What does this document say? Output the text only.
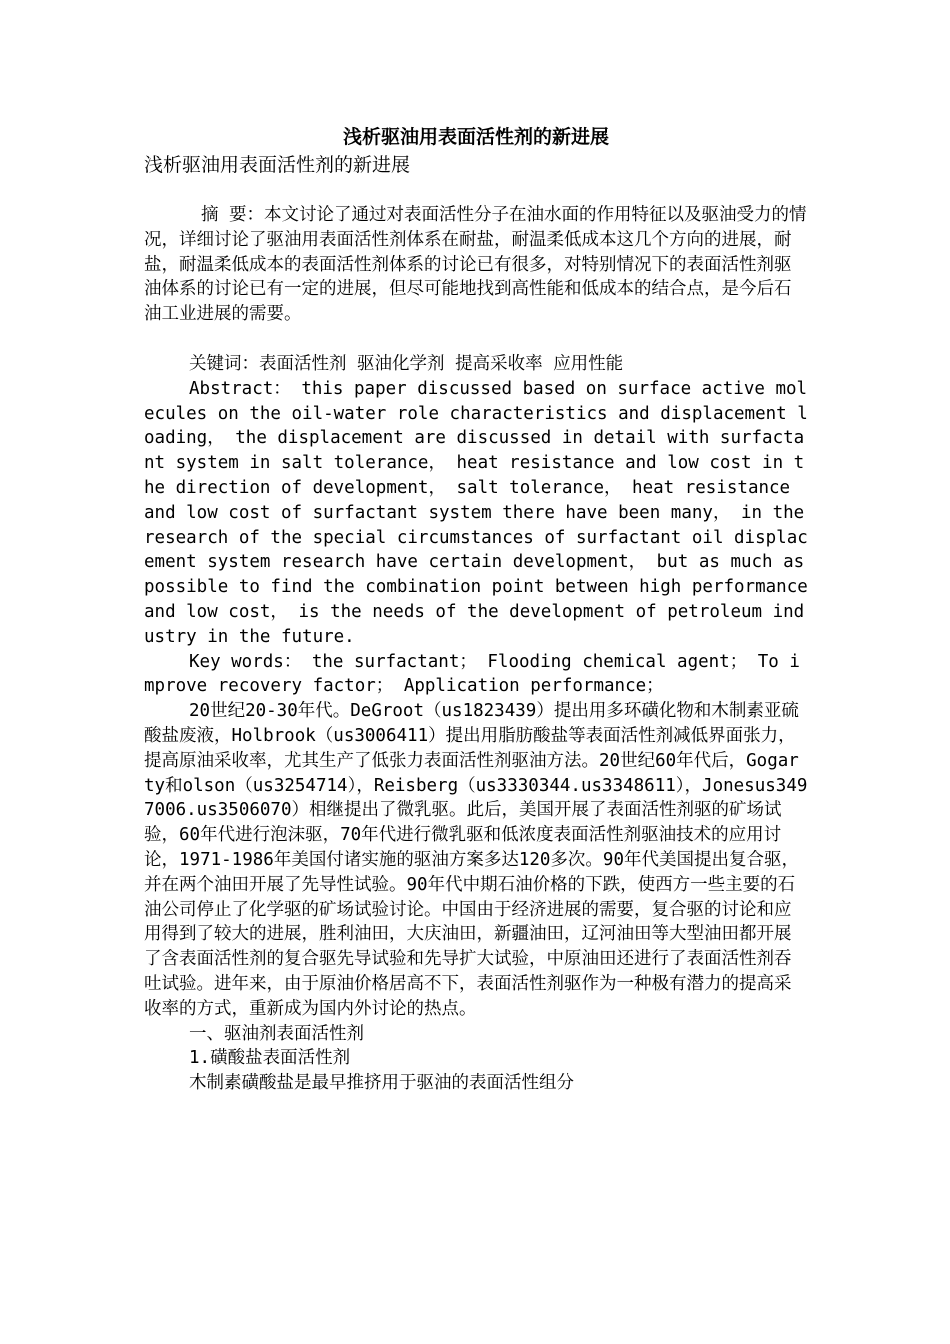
浅析驱油用表面活性剂的新进展

浅析驱油用表面活性剂的新进展

摘 要：本文讨论了通过对表面活性分子在油水面的作用特征以及驱油受力的情况，详细讨论了驱油用表面活性剂体系在耐盐，耐温柔低成本这几个方向的进展，耐盐，耐温柔低成本的表面活性剂体系的讨论已有很多，对特别情况下的表面活性剂驱油体系的讨论已有一定的进展，但尽可能地找到高性能和低成本的结合点，是今后石油工业进展的需要。

关键词：表面活性剂 驱油化学剂 提高采收率 应用性能

Abstract： this paper discussed based on surface active molecules on the oil-water role characteristics and displacement loading， the displacement are discussed in detail with surfactant system in salt tolerance， heat resistance and low cost in the direction of development， salt tolerance， heat resistance and low cost of surfactant system there have been many， in the research of the special circumstances of surfactant oil displacement system research have certain development， but as much as possible to find the combination point between high performance and low cost， is the needs of the development of petroleum industry in the future.

Key words： the surfactant； Flooding chemical agent； To improve recovery factor； Application performance；

20世纪20-30年代。DeGroot（us1823439）提出用多环磺化物和木制素亚硫酸盐废液，Holbrook（us3006411）提出用脂肪酸盐等表面活性剂减低界面张力，提高原油采收率，尤其生产了低张力表面活性剂驱油方法。20世纪60年代后，Gogarty和olson（us3254714），Reisberg（us3330344.us3348611），Jonesus3497006.us3506070）相继提出了微乳驱。此后，美国开展了表面活性剂驱的矿场试验，60年代进行泡沫驱，70年代进行微乳驱和低浓度表面活性剂驱油技术的应用讨论，1971-1986年美国付诸实施的驱油方案多达120多次。90年代美国提出复合驱，并在两个油田开展了先导性试验。90年代中期石油价格的下跌，使西方一些主要的石油公司停止了化学驱的矿场试验讨论。中国由于经济进展的需要，复合驱的讨论和应用得到了较大的进展，胜利油田，大庆油田，新疆油田，辽河油田等大型油田都开展了含表面活性剂的复合驱先导试验和先导扩大试验，中原油田还进行了表面活性剂吞吐试验。进年来，由于原油价格居高不下，表面活性剂驱作为一种极有潜力的提高采收率的方式，重新成为国内外讨论的热点。

一、驱油剂表面活性剂

1.磺酸盐表面活性剂

木制素磺酸盐是最早推挤用于驱油的表面活性组分
